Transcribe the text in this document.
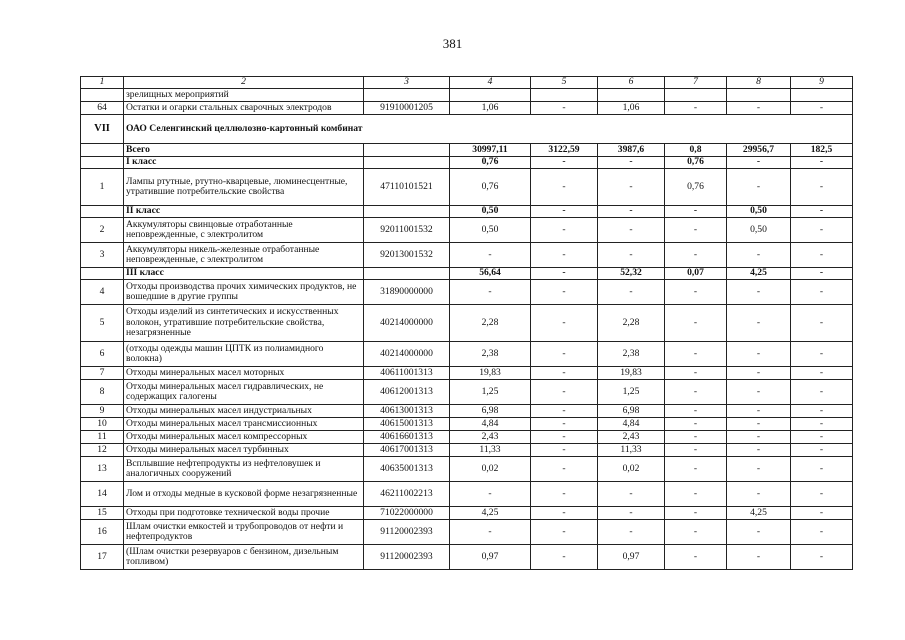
381
1	2	3	4	5	6	7	8	9
	зрелищных мероприятий							
64	Остатки и огарки стальных сварочных электродов	91910001205	1,06	-	1,06	-	-	-
VII	ОАО Селенгинский целлюлозно-картонный комбинат							
	Всего		30997,11	3122,59	3987,6	0,8	29956,7	182,5
	I класс		0,76	-	-	0,76	-	-
1	Лампы ртутные, ртутно-кварцевые, люминесцентные, утратившие потребительские свойства	47110101521	0,76	-	-	0,76	-	-
	II класс		0,50	-	-	-	0,50	-
2	Аккумуляторы свинцовые отработанные неповрежденные, с электролитом	92011001532	0,50	-	-	-	0,50	-
3	Аккумуляторы никель-железные отработанные неповрежденные, с электролитом	92013001532	-	-	-	-	-	-
	III класс		56,64	-	52,32	0,07	4,25	-
4	Отходы производства прочих химических продуктов, не вошедшие в другие группы	31890000000	-	-	-	-	-	-
5	Отходы изделий из синтетических и искусственных волокон, утратившие потребительские свойства, незагрязненные	40214000000	2,28	-	2,28	-	-	-
6	(отходы одежды машин ЦПТК из полиамидного волокна)	40214000000	2,38	-	2,38	-	-	-
7	Отходы минеральных масел моторных	40611001313	19,83	-	19,83	-	-	-
8	Отходы минеральных масел гидравлических, не содержащих галогены	40612001313	1,25	-	1,25	-	-	-
9	Отходы минеральных масел индустриальных	40613001313	6,98	-	6,98	-	-	-
10	Отходы минеральных масел трансмиссионных	40615001313	4,84	-	4,84	-	-	-
11	Отходы минеральных масел компрессорных	40616601313	2,43	-	2,43	-	-	-
12	Отходы минеральных масел турбинных	40617001313	11,33	-	11,33	-	-	-
13	Всплывшие нефтепродукты из нефтеловушек и аналогичных сооружений	40635001313	0,02	-	0,02	-	-	-
14	Лом и отходы медные в кусковой форме незагрязненные	46211002213	-	-	-	-	-	-
15	Отходы при подготовке технической воды прочие	71022000000	4,25	-	-	-	4,25	-
16	Шлам очистки емкостей и трубопроводов от нефти и нефтепродуктов	91120002393	-	-	-	-	-	-
17	(Шлам очистки резервуаров с бензином, дизельным топливом)	91120002393	0,97	-	0,97	-	-	-
